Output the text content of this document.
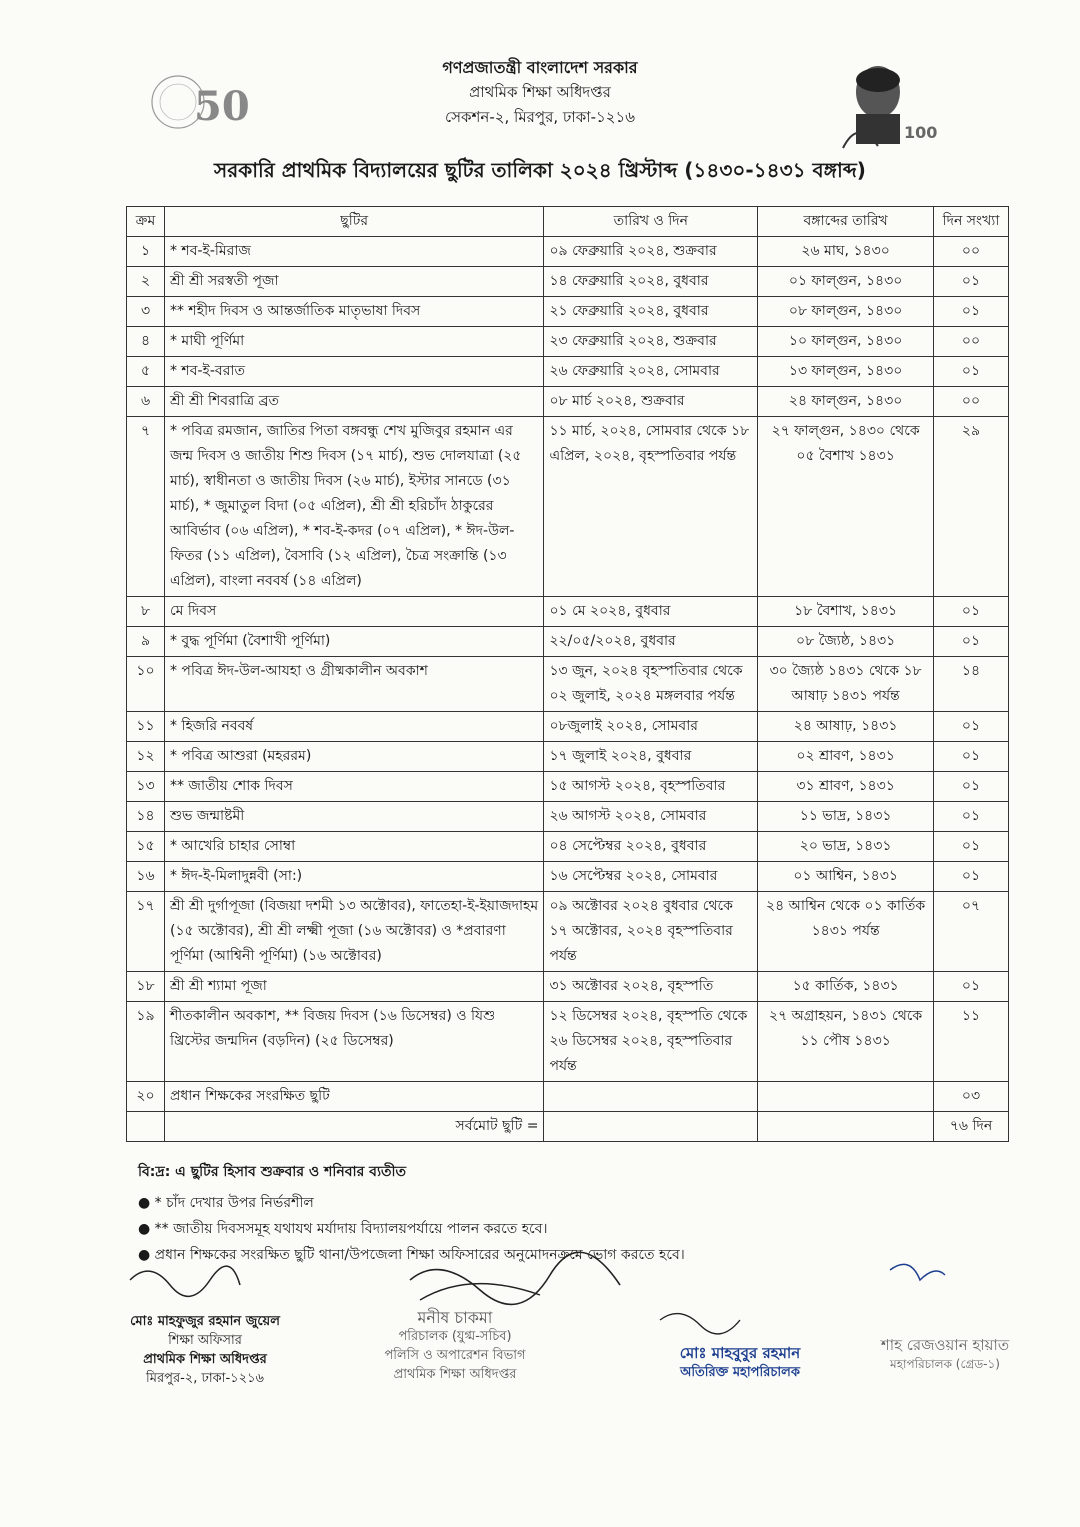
50
100
গণপ্রজাতন্ত্রী বাংলাদেশ সরকার
প্রাথমিক শিক্ষা অধিদপ্তর
সেকশন-২, মিরপুর, ঢাকা-১২১৬
সরকারি প্রাথমিক বিদ্যালয়ের ছুটির তালিকা ২০২৪ খ্রিস্টাব্দ (১৪৩০-১৪৩১ বঙ্গাব্দ)
ক্রম	ছুটির	তারিখ ও দিন	বঙ্গাব্দের তারিখ	দিন সংখ্যা
১	* শব-ই-মিরাজ	০৯ ফেব্রুয়ারি ২০২৪, শুক্রবার	২৬ মাঘ, ১৪৩০	০০
২	শ্রী শ্রী সরস্বতী পূজা	১৪ ফেব্রুয়ারি ২০২৪, বুধবার	০১ ফাল্গুন, ১৪৩০	০১
৩	** শহীদ দিবস ও আন্তর্জাতিক মাতৃভাষা দিবস	২১ ফেব্রুয়ারি ২০২৪, বুধবার	০৮ ফাল্গুন, ১৪৩০	০১
৪	* মাঘী পূর্ণিমা	২৩ ফেব্রুয়ারি ২০২৪, শুক্রবার	১০ ফাল্গুন, ১৪৩০	০০
৫	* শব-ই-বরাত	২৬ ফেব্রুয়ারি ২০২৪, সোমবার	১৩ ফাল্গুন, ১৪৩০	০১
৬	শ্রী শ্রী শিবরাত্রি ব্রত	০৮ মার্চ ২০২৪, শুক্রবার	২৪ ফাল্গুন, ১৪৩০	০০
৭	* পবিত্র রমজান, জাতির পিতা বঙ্গবন্ধু শেখ মুজিবুর রহমান এর জন্ম দিবস ও জাতীয় শিশু দিবস (১৭ মার্চ), শুভ দোলযাত্রা (২৫ মার্চ), স্বাধীনতা ও জাতীয় দিবস (২৬ মার্চ), ইস্টার সানডে (৩১ মার্চ), * জুমাতুল বিদা (০৫ এপ্রিল), শ্রী শ্রী হরিচাঁদ ঠাকুরের আবির্ভাব (০৬ এপ্রিল), * শব-ই-কদর (০৭ এপ্রিল), * ঈদ-উল-ফিতর (১১ এপ্রিল), বৈসাবি (১২ এপ্রিল), চৈত্র সংক্রান্তি (১৩ এপ্রিল), বাংলা নববর্ষ (১৪ এপ্রিল)	১১ মার্চ, ২০২৪, সোমবার থেকে ১৮ এপ্রিল, ২০২৪, বৃহস্পতিবার পর্যন্ত	২৭ ফাল্গুন, ১৪৩০ থেকে ০৫ বৈশাখ ১৪৩১	২৯
৮	মে দিবস	০১ মে ২০২৪, বুধবার	১৮ বৈশাখ, ১৪৩১	০১
৯	* বুদ্ধ পূর্ণিমা (বৈশাখী পূর্ণিমা)	২২/০৫/২০২৪, বুধবার	০৮ জ্যৈষ্ঠ, ১৪৩১	০১
১০	* পবিত্র ঈদ-উল-আযহা ও গ্রীষ্মকালীন অবকাশ	১৩ জুন, ২০২৪ বৃহস্পতিবার থেকে ০২ জুলাই, ২০২৪ মঙ্গলবার পর্যন্ত	৩০ জ্যৈষ্ঠ ১৪৩১ থেকে ১৮ আষাঢ় ১৪৩১ পর্যন্ত	১৪
১১	* হিজরি নববর্ষ	০৮জুলাই ২০২৪, সোমবার	২৪ আষাঢ়, ১৪৩১	০১
১২	* পবিত্র আশুরা (মহররম)	১৭ জুলাই ২০২৪, বুধবার	০২ শ্রাবণ, ১৪৩১	০১
১৩	** জাতীয় শোক দিবস	১৫ আগস্ট ২০২৪, বৃহস্পতিবার	৩১ শ্রাবণ, ১৪৩১	০১
১৪	শুভ জন্মাষ্টমী	২৬ আগস্ট ২০২৪, সোমবার	১১ ভাদ্র, ১৪৩১	০১
১৫	* আখেরি চাহার সোম্বা	০৪ সেপ্টেম্বর ২০২৪, বুধবার	২০ ভাদ্র, ১৪৩১	০১
১৬	* ঈদ-ই-মিলাদুন্নবী (সা:)	১৬ সেপ্টেম্বর ২০২৪, সোমবার	০১ আশ্বিন, ১৪৩১	০১
১৭	শ্রী শ্রী দুর্গাপূজা (বিজয়া দশমী ১৩ অক্টোবর), ফাতেহা-ই-ইয়াজদাহম (১৫ অক্টোবর), শ্রী শ্রী লক্ষ্মী পূজা (১৬ অক্টোবর) ও *প্রবারণা পূর্ণিমা (আশ্বিনী পূর্ণিমা) (১৬ অক্টোবর)	০৯ অক্টোবর ২০২৪ বুধবার থেকে ১৭ অক্টোবর, ২০২৪ বৃহস্পতিবার পর্যন্ত	২৪ আশ্বিন থেকে ০১ কার্তিক ১৪৩১ পর্যন্ত	০৭
১৮	শ্রী শ্রী শ্যামা পূজা	৩১ অক্টোবর ২০২৪, বৃহস্পতি	১৫ কার্তিক, ১৪৩১	০১
১৯	শীতকালীন অবকাশ, ** বিজয় দিবস (১৬ ডিসেম্বর) ও যিশু খ্রিস্টের জন্মদিন (বড়দিন) (২৫ ডিসেম্বর)	১২ ডিসেম্বর ২০২৪, বৃহস্পতি থেকে ২৬ ডিসেম্বর ২০২৪, বৃহস্পতিবার পর্যন্ত	২৭ অগ্রাহয়ন, ১৪৩১ থেকে ১১ পৌষ ১৪৩১	১১
২০	প্রধান শিক্ষকের সংরক্ষিত ছুটি			০৩
	সর্বমোট ছুটি =			৭৬ দিন
বি:দ্র: এ ছুটির হিসাব শুক্রবার ও শনিবার ব্যতীত
● * চাঁদ দেখার উপর নির্ভরশীল
● ** জাতীয় দিবসসমূহ যথাযথ মর্যাদায় বিদ্যালয়পর্যায়ে পালন করতে হবে।
● প্রধান শিক্ষকের সংরক্ষিত ছুটি থানা/উপজেলা শিক্ষা অফিসারের অনুমোদনক্রমে ভোগ করতে হবে।
মোঃ মাহফুজুর রহমান জুয়েল
শিক্ষা অফিসার
প্রাথমিক শিক্ষা অধিদপ্তর
মিরপুর-২, ঢাকা-১২১৬
মনীষ চাকমা
পরিচালক (যুগ্ম-সচিব)
পলিসি ও অপারেশন বিভাগ
প্রাথমিক শিক্ষা অধিদপ্তর
মোঃ মাহবুবুর রহমান
অতিরিক্ত মহাপরিচালক
শাহ রেজওয়ান হায়াত
মহাপরিচালক (গ্রেড-১)
